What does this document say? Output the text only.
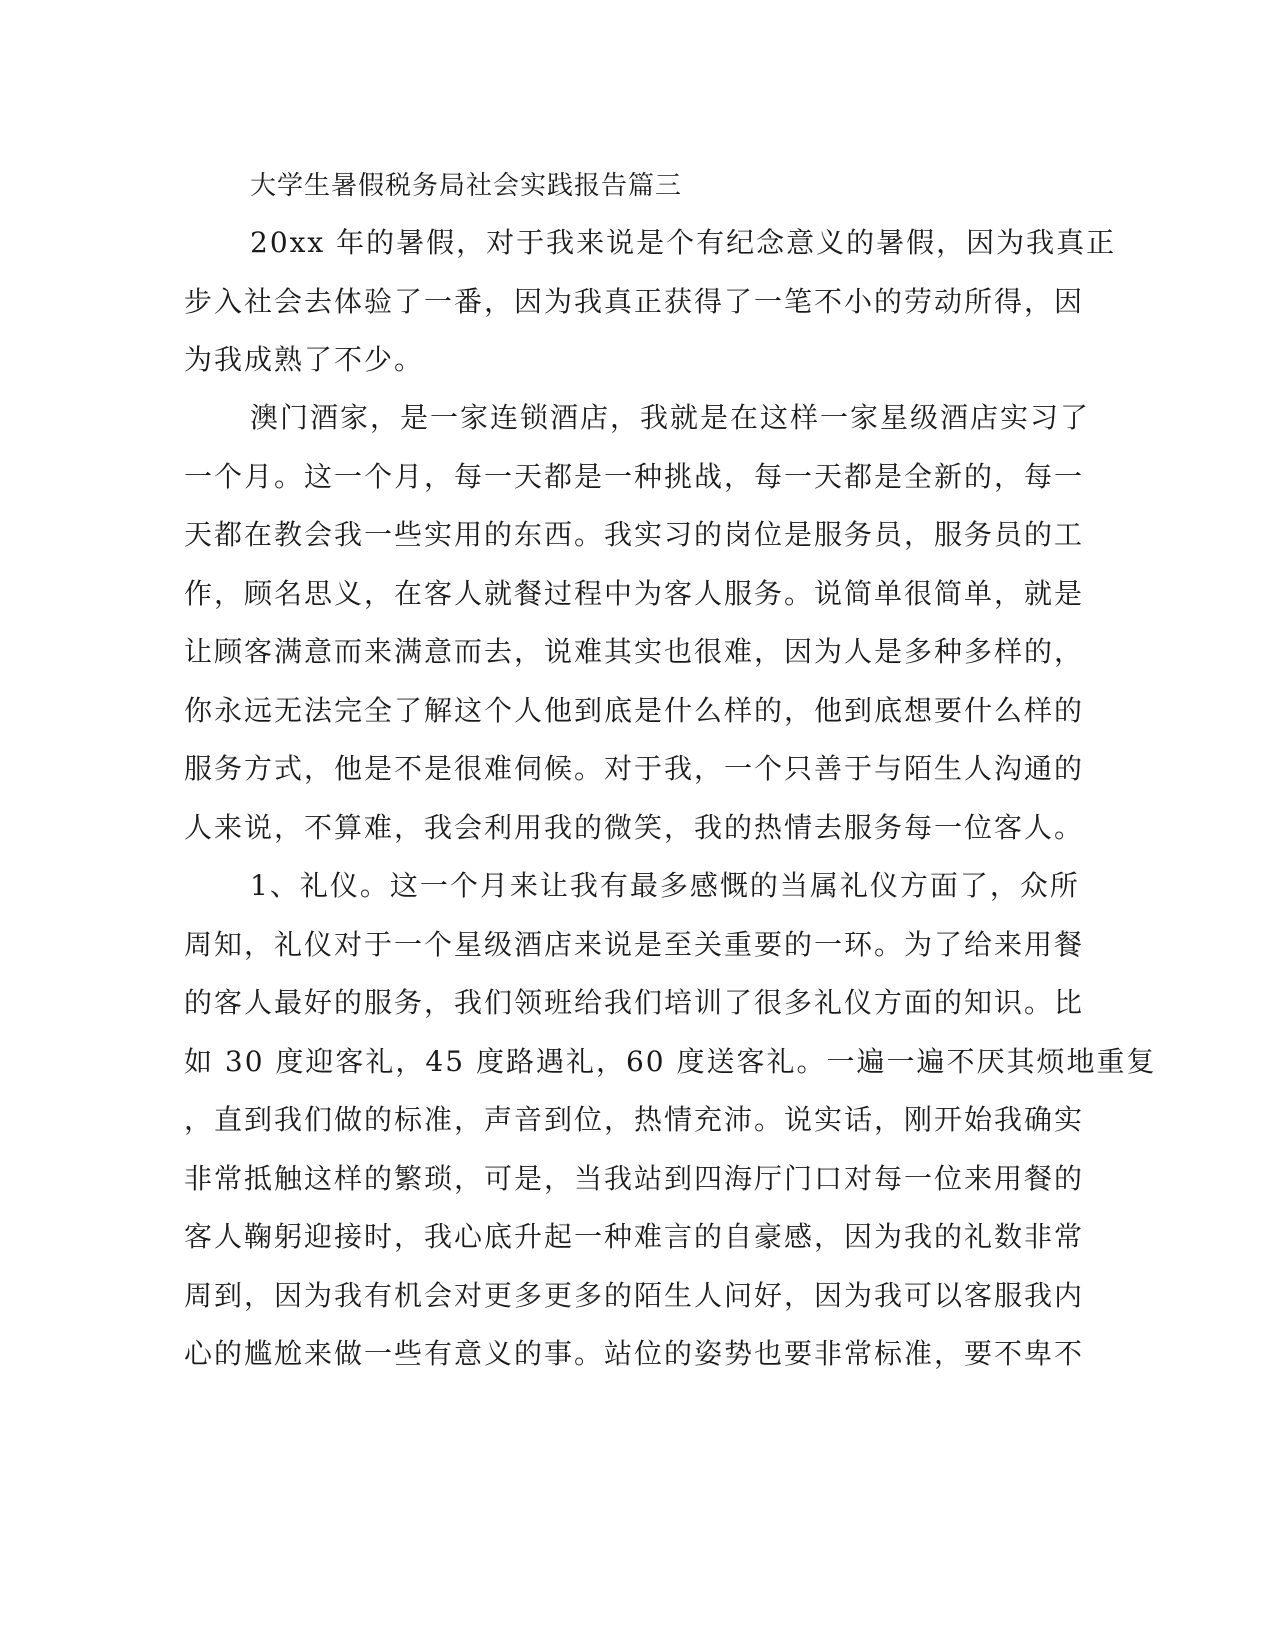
大学生暑假税务局社会实践报告篇三

20xx 年的暑假，对于我来说是个有纪念意义的暑假，因为我真正

步入社会去体验了一番，因为我真正获得了一笔不小的劳动所得，因

为我成熟了不少。

澳门酒家，是一家连锁酒店，我就是在这样一家星级酒店实习了

一个月。这一个月，每一天都是一种挑战，每一天都是全新的，每一

天都在教会我一些实用的东西。我实习的岗位是服务员，服务员的工

作，顾名思义，在客人就餐过程中为客人服务。说简单很简单，就是

让顾客满意而来满意而去，说难其实也很难，因为人是多种多样的，

你永远无法完全了解这个人他到底是什么样的，他到底想要什么样的

服务方式，他是不是很难伺候。对于我，一个只善于与陌生人沟通的

人来说，不算难，我会利用我的微笑，我的热情去服务每一位客人。

1、礼仪。这一个月来让我有最多感慨的当属礼仪方面了，众所

周知，礼仪对于一个星级酒店来说是至关重要的一环。为了给来用餐

的客人最好的服务，我们领班给我们培训了很多礼仪方面的知识。比

如 30 度迎客礼，45 度路遇礼，60 度送客礼。一遍一遍不厌其烦地重复

，直到我们做的标准，声音到位，热情充沛。说实话，刚开始我确实

非常抵触这样的繁琐，可是，当我站到四海厅门口对每一位来用餐的

客人鞠躬迎接时，我心底升起一种难言的自豪感，因为我的礼数非常

周到，因为我有机会对更多更多的陌生人问好，因为我可以客服我内

心的尴尬来做一些有意义的事。站位的姿势也要非常标准，要不卑不
